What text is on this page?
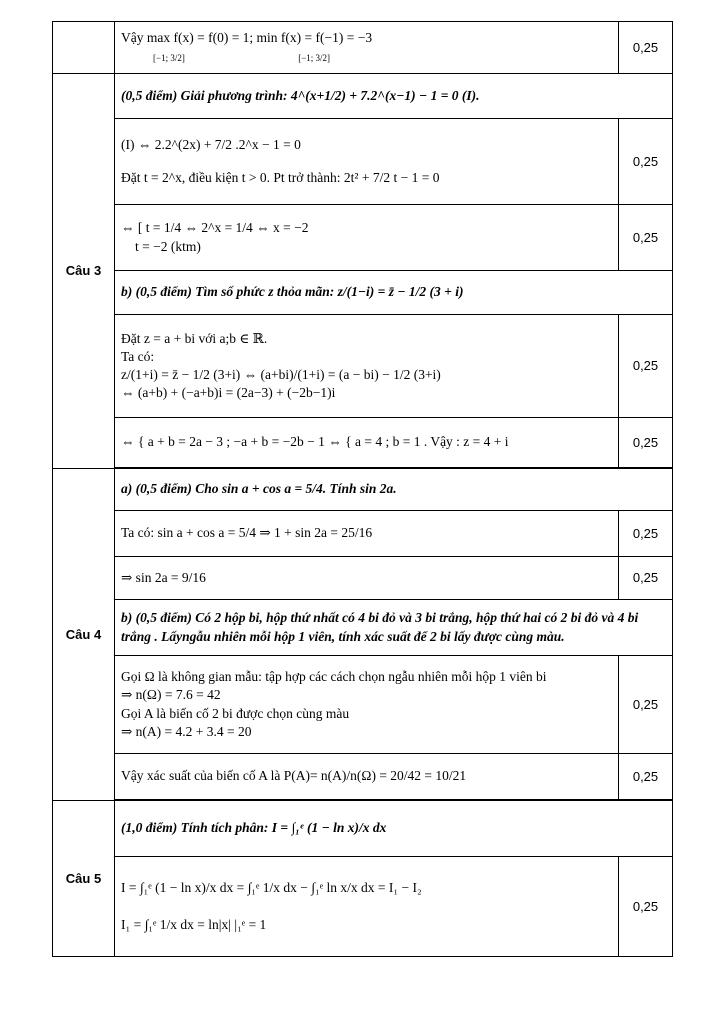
	Vậy max f(x) = f(0) = 1; min f(x) = f(−1) = −3
[−1; 3/2] [−1; 3/2]	0,25
Câu 3	(0,5 điểm) Giải phương trình: 4^(x+1/2) + 7.2^(x−1) − 1 = 0 (I).	

	(I) ⇔ 2.2^(2x) + 7/2 .2^x − 1 = 0
Đặt t = 2^x, điều kiện t > 0. Pt trở thành: 2t² + 7/2 t − 1 = 0	0,25

	⇔ [ t = 1/4 ⇔ 2^x = 1/4 ⇔ x = −2
t = −2 (ktm)	0,25
	b) (0,5 điểm) Tìm số phức z thỏa mãn: z/(1−i) = z̄ − 1/2 (3 + i)	

	Đặt z = a + bi với a;b ∈ ℝ.
Ta có:
z/(1+i) = z̄ − 1/2 (3+i) ⇔ (a+bi)/(1+i) = (a − bi) − 1/2 (3+i)
⇔ (a+b) + (−a+b)i = (2a−3) + (−2b−1)i	0,25

	⇔ { a + b = 2a − 3 ; −a + b = −2b − 1 ⇔ { a = 4 ; b = 1 . Vậy : z = 4 + i	0,25

Câu 4	a) (0,5 điểm) Cho sin a + cos a = 5/4. Tính sin 2a.	
	Ta có: sin a + cos a = 5/4 ⇒ 1 + sin 2a = 25/16	0,25
	⇒ sin 2a = 9/16	0,25
	b) (0,5 điểm) Có 2 hộp bi, hộp thứ nhất có 4 bi đỏ và 3 bi trắng, hộp thứ hai có 2 bi đỏ và 4 bi trắng . Lấyngẫu nhiên mỗi hộp 1 viên, tính xác suất để 2 bi lấy được cùng màu.	

	Gọi Ω là không gian mẫu: tập hợp các cách chọn ngẫu nhiên mỗi hộp 1 viên bi
⇒ n(Ω) = 7.6 = 42
Gọi A là biến cố 2 bi được chọn cùng màu
⇒ n(A) = 4.2 + 3.4 = 20	0,25
	Vậy xác suất của biến cố A là P(A)= n(A)/n(Ω) = 20/42 = 10/21	0,25

Câu 5	(1,0 điểm) Tính tích phân: I = ∫₁ᵉ (1 − ln x)/x dx	

	I = ∫₁ᵉ (1 − ln x)/x dx = ∫₁ᵉ 1/x dx − ∫₁ᵉ ln x/x dx = I₁ − I₂
I₁ = ∫₁ᵉ 1/x dx = ln|x| |₁ᵉ = 1	0,25
